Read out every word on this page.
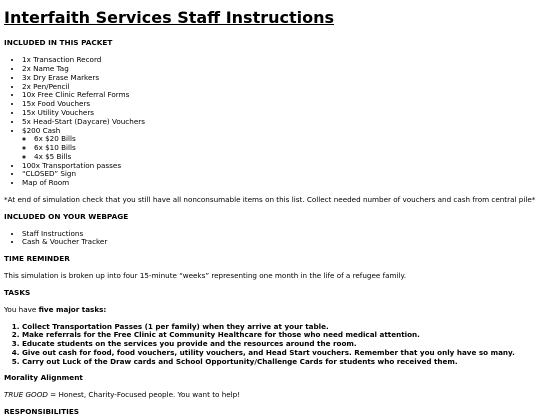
Interfaith Services Staff Instructions
INCLUDED IN THIS PACKET
• 1x Transaction Record
• 2x Name Tag
• 3x Dry Erase Markers
• 2x Pen/Pencil
• 10x Free Clinic Referral Forms
• 15x Food Vouchers
• 15x Utility Vouchers
• 5x Head-Start (Daycare) Vouchers
• $200 Cash
◦ 6x $20 Bills
◦ 6x $10 Bills
◦ 4x $5 Bills
• 100x Transportation passes
• “CLOSED” Sign
• Map of Room

*At end of simulation check that you still have all nonconsumable items on this list. Collect needed number of vouchers and cash from central pile*

INCLUDED ON YOUR WEBPAGE
• Staff Instructions
• Cash & Voucher Tracker
TIME REMINDER

This simulation is broken up into four 15-minute “weeks” representing one month in the life of a refugee family.

TASKS

You have five major tasks:

1. Collect Transportation Passes (1 per family) when they arrive at your table.
2. Make referrals for the Free Clinic at Community Healthcare for those who need medical attention.
3. Educate students on the services you provide and the resources around the room.
4. Give out cash for food, food vouchers, utility vouchers, and Head Start vouchers. Remember that you only have so many.
5. Carry out Luck of the Draw cards and School Opportunity/Challenge Cards for students who received them.
Morality Alignment

TRUE GOOD = Honest, Charity-Focused people. You want to help!

RESPONSIBILITIES
